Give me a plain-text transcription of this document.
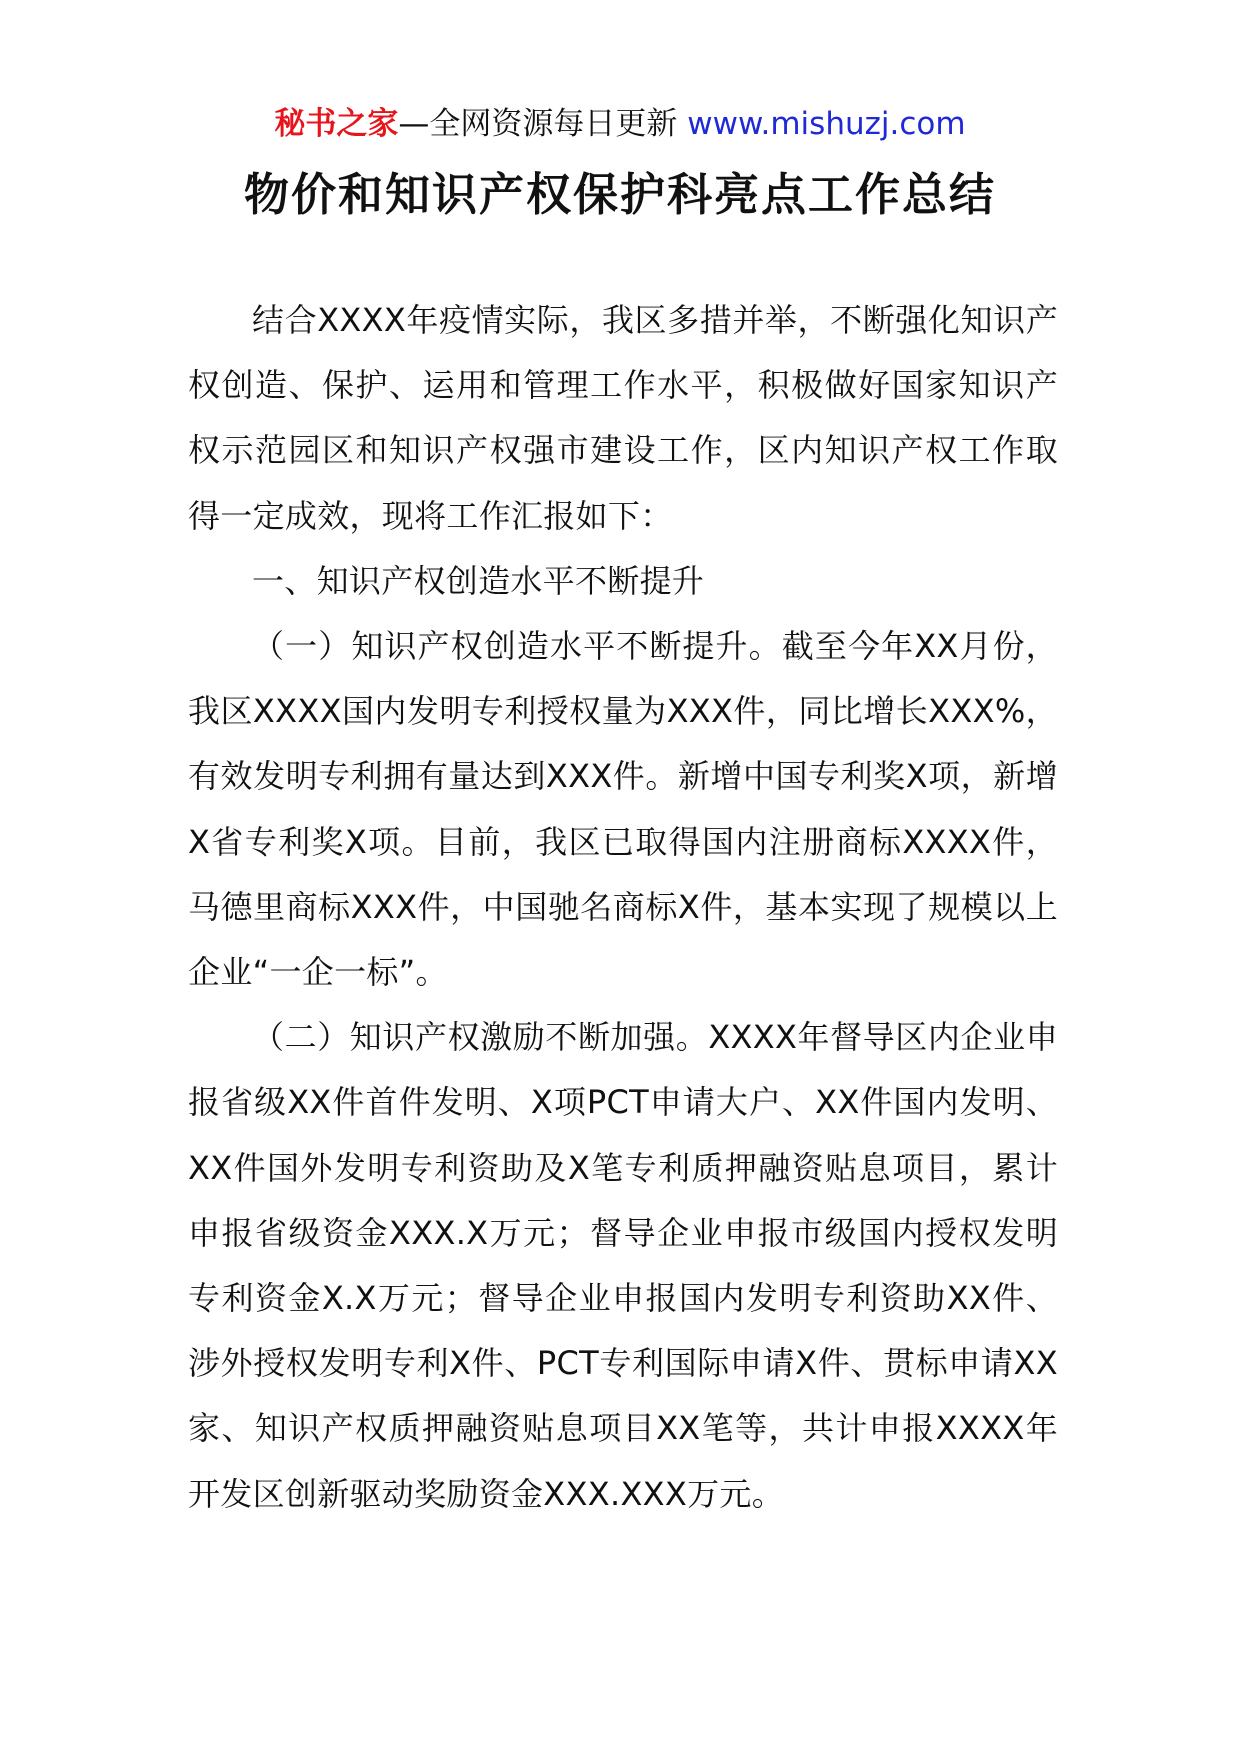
秘书之家—全网资源每日更新 www.mishuzj.com
物价和知识产权保护科亮点工作总结

结合XXXX年疫情实际，我区多措并举，不断强化知识产权创造、保护、运用和管理工作水平，积极做好国家知识产权示范园区和知识产权强市建设工作，区内知识产权工作取得一定成效，现将工作汇报如下：

一、知识产权创造水平不断提升

（一）知识产权创造水平不断提升。截至今年XX月份，我区XXXX国内发明专利授权量为XXX件，同比增长XXX%，有效发明专利拥有量达到XXX件。新增中国专利奖X项，新增X省专利奖X项。目前，我区已取得国内注册商标XXXX件，马德里商标XXX件，中国驰名商标X件，基本实现了规模以上企业“一企一标”。

（二）知识产权激励不断加强。XXXX年督导区内企业申报省级XX件首件发明、X项PCT申请大户、XX件国内发明、XX件国外发明专利资助及X笔专利质押融资贴息项目，累计申报省级资金XXX.X万元；督导企业申报市级国内授权发明专利资金X.X万元；督导企业申报国内发明专利资助XX件、涉外授权发明专利X件、PCT专利国际申请X件、贯标申请XX家、知识产权质押融资贴息项目XX笔等，共计申报XXXX年开发区创新驱动奖励资金XXX.XXX万元。
